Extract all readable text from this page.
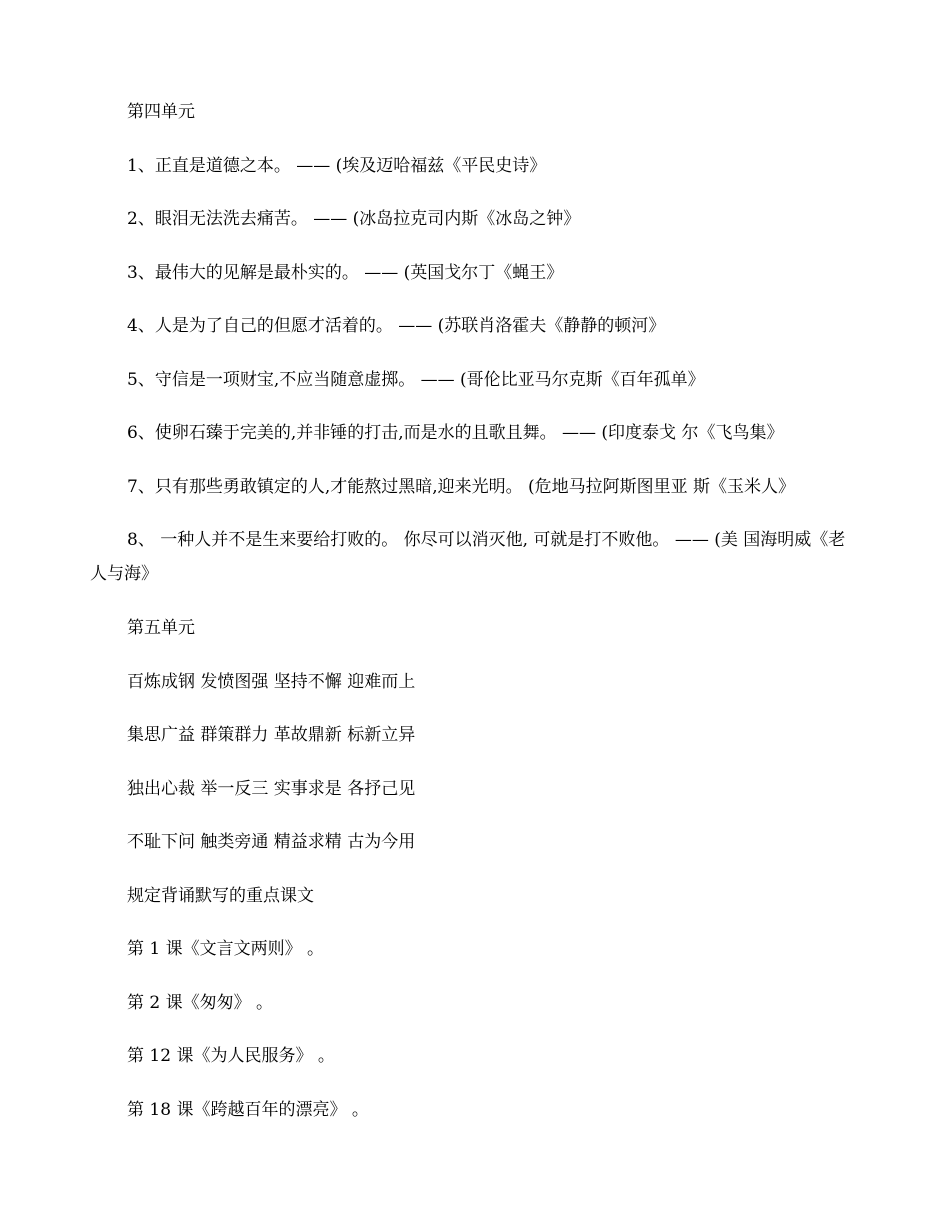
第四单元

1、正直是道德之本。 —— (埃及迈哈福兹《平民史诗》

2、眼泪无法洗去痛苦。 —— (冰岛拉克司内斯《冰岛之钟》

3、最伟大的见解是最朴实的。 —— (英国戈尔丁《蝇王》

4、人是为了自己的但愿才活着的。 —— (苏联肖洛霍夫《静静的顿河》

5、守信是一项财宝,不应当随意虚掷。 —— (哥伦比亚马尔克斯《百年孤单》

6、使卵石臻于完美的,并非锤的打击,而是水的且歌且舞。 —— (印度泰戈 尔《飞鸟集》

7、只有那些勇敢镇定的人,才能熬过黑暗,迎来光明。 (危地马拉阿斯图里亚 斯《玉米人》

8、 一种人并不是生来要给打败的。 你尽可以消灭他, 可就是打不败他。 —— (美 国海明威《老人与海》

第五单元

百炼成钢 发愤图强 坚持不懈 迎难而上

集思广益 群策群力 革故鼎新 标新立异

独出心裁 举一反三 实事求是 各抒己见

不耻下问 触类旁通 精益求精 古为今用

规定背诵默写的重点课文

第 1 课《文言文两则》 。

第 2 课《匆匆》 。

第 12 课《为人民服务》 。

第 18 课《跨越百年的漂亮》 。
